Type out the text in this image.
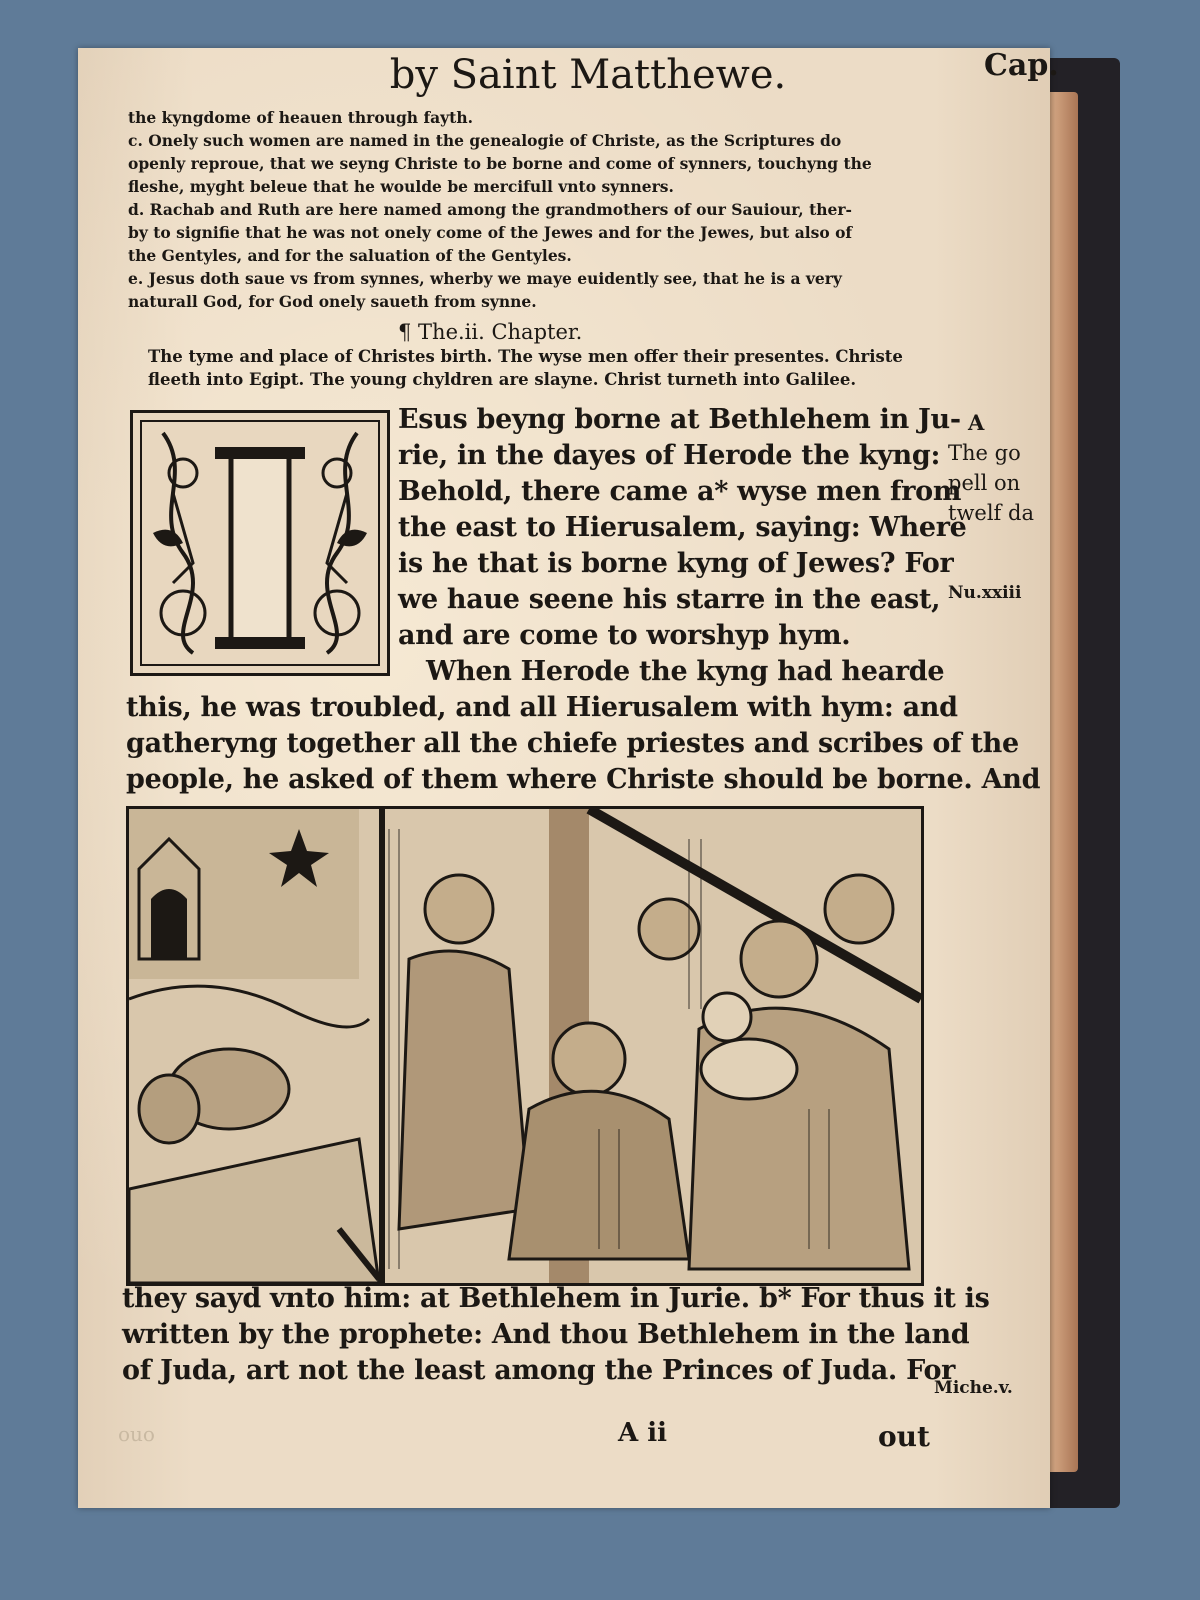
by Saint Matthewe.	Cap.
the kyngdome of heauen through fayth.
c. Onely such women are named in the genealogie of Christe, as the Scriptures do
openly reproue, that we seyng Christe to be borne and come of synners, touchyng the
fleshe, myght beleue that he woulde be mercifull vnto synners.
d. Rachab and Ruth are here named among the grandmothers of our Sauiour, ther-
by to signifie that he was not onely come of the Jewes and for the Jewes, but also of
the Gentyles, and for the saluation of the Gentyles.
e. Jesus doth saue vs from synnes, wherby we maye euidently see, that he is a very
naturall God, for God onely saueth from synne.
¶ The.ii. Chapter.
The tyme and place of Christes birth. The wyse men offer their presentes. Christe
fleeth into Egipt. The young chyldren are slayne. Christ turneth into Galilee.
Esus beyng borne at Bethlehem in Ju-
rie, in the dayes of Herode the kyng:
Behold, there came a* wyse men from
the east to Hierusalem, saying: Where
is he that is borne kyng of Jewes? For
we haue seene his starre in the east,
and are come to worshyp hym.
When Herode the kyng had hearde
this, he was troubled, and all Hierusalem with hym: and
gatheryng together all the chiefe priestes and scribes of the
people, he asked of them where Christe should be borne. And
they sayd vnto him: at Bethlehem in Jurie. b* For thus it is
written by the prophete: And thou Bethlehem in the land
of Juda, art not the least among the Princes of Juda. For
A
The go
pell on
twelf da
Nu.xxiii
Miche.v.
ouo	A ii	out
